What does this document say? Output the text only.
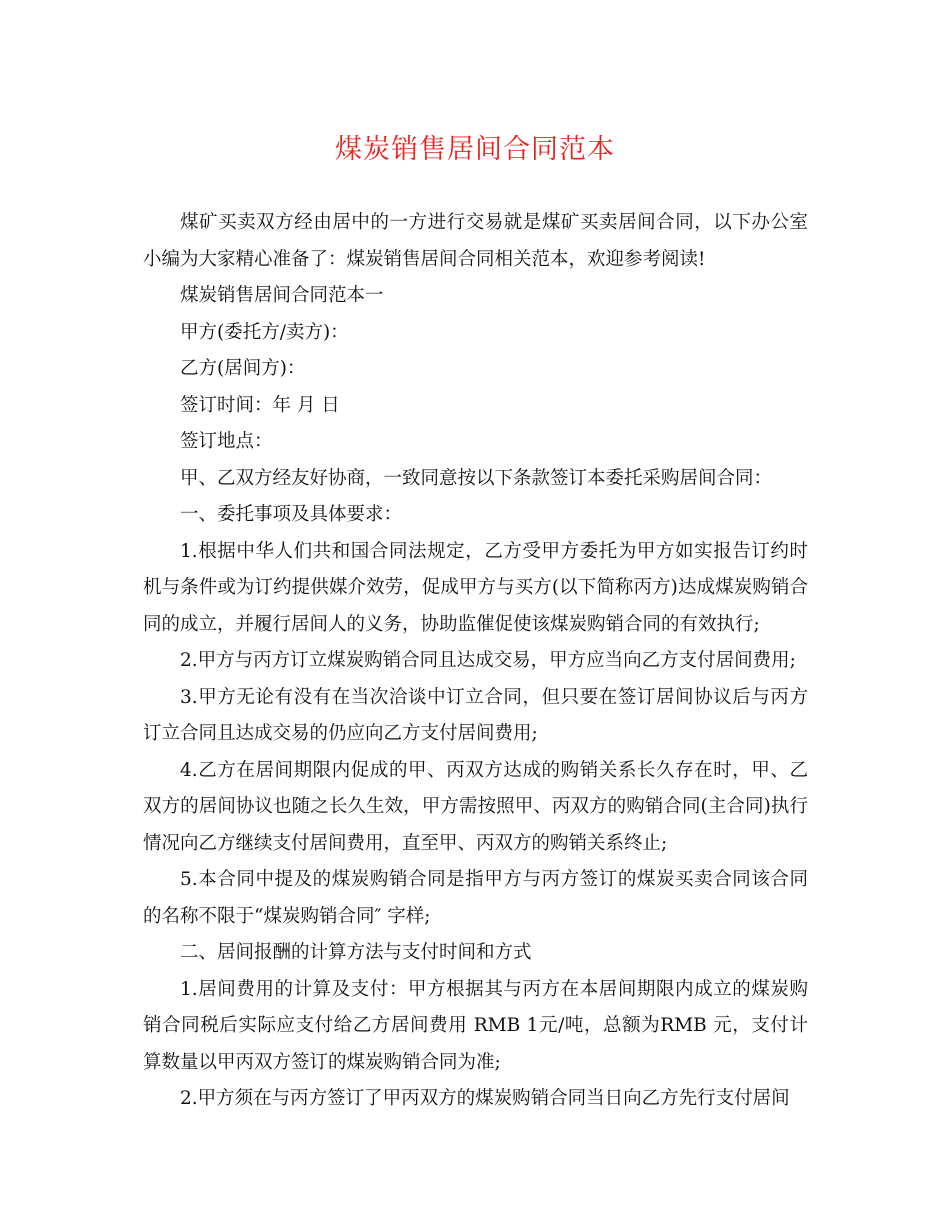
煤炭销售居间合同范本

煤矿买卖双方经由居中的一方进行交易就是煤矿买卖居间合同，以下办公室小编为大家精心准备了：煤炭销售居间合同相关范本，欢迎参考阅读!

煤炭销售居间合同范本一

甲方(委托方/卖方)：

乙方(居间方)：

签订时间：年 月 日

签订地点：

甲、乙双方经友好协商，一致同意按以下条款签订本委托采购居间合同：

一、委托事项及具体要求：

1.根据中华人们共和国合同法规定，乙方受甲方委托为甲方如实报告订约时机与条件或为订约提供媒介效劳，促成甲方与买方(以下简称丙方)达成煤炭购销合同的成立，并履行居间人的义务，协助监催促使该煤炭购销合同的有效执行;

2.甲方与丙方订立煤炭购销合同且达成交易，甲方应当向乙方支付居间费用;

3.甲方无论有没有在当次洽谈中订立合同，但只要在签订居间协议后与丙方订立合同且达成交易的仍应向乙方支付居间费用;

4.乙方在居间期限内促成的甲、丙双方达成的购销关系长久存在时，甲、乙双方的居间协议也随之长久生效，甲方需按照甲、丙双方的购销合同(主合同)执行情况向乙方继续支付居间费用，直至甲、丙双方的购销关系终止;

5.本合同中提及的煤炭购销合同是指甲方与丙方签订的煤炭买卖合同该合同的名称不限于“煤炭购销合同″ 字样;

二、居间报酬的计算方法与支付时间和方式

1.居间费用的计算及支付：甲方根据其与丙方在本居间期限内成立的煤炭购销合同税后实际应支付给乙方居间费用 RMB 1元/吨，总额为RMB 元，支付计算数量以甲丙双方签订的煤炭购销合同为准;

2.甲方须在与丙方签订了甲丙双方的煤炭购销合同当日向乙方先行支付居间
